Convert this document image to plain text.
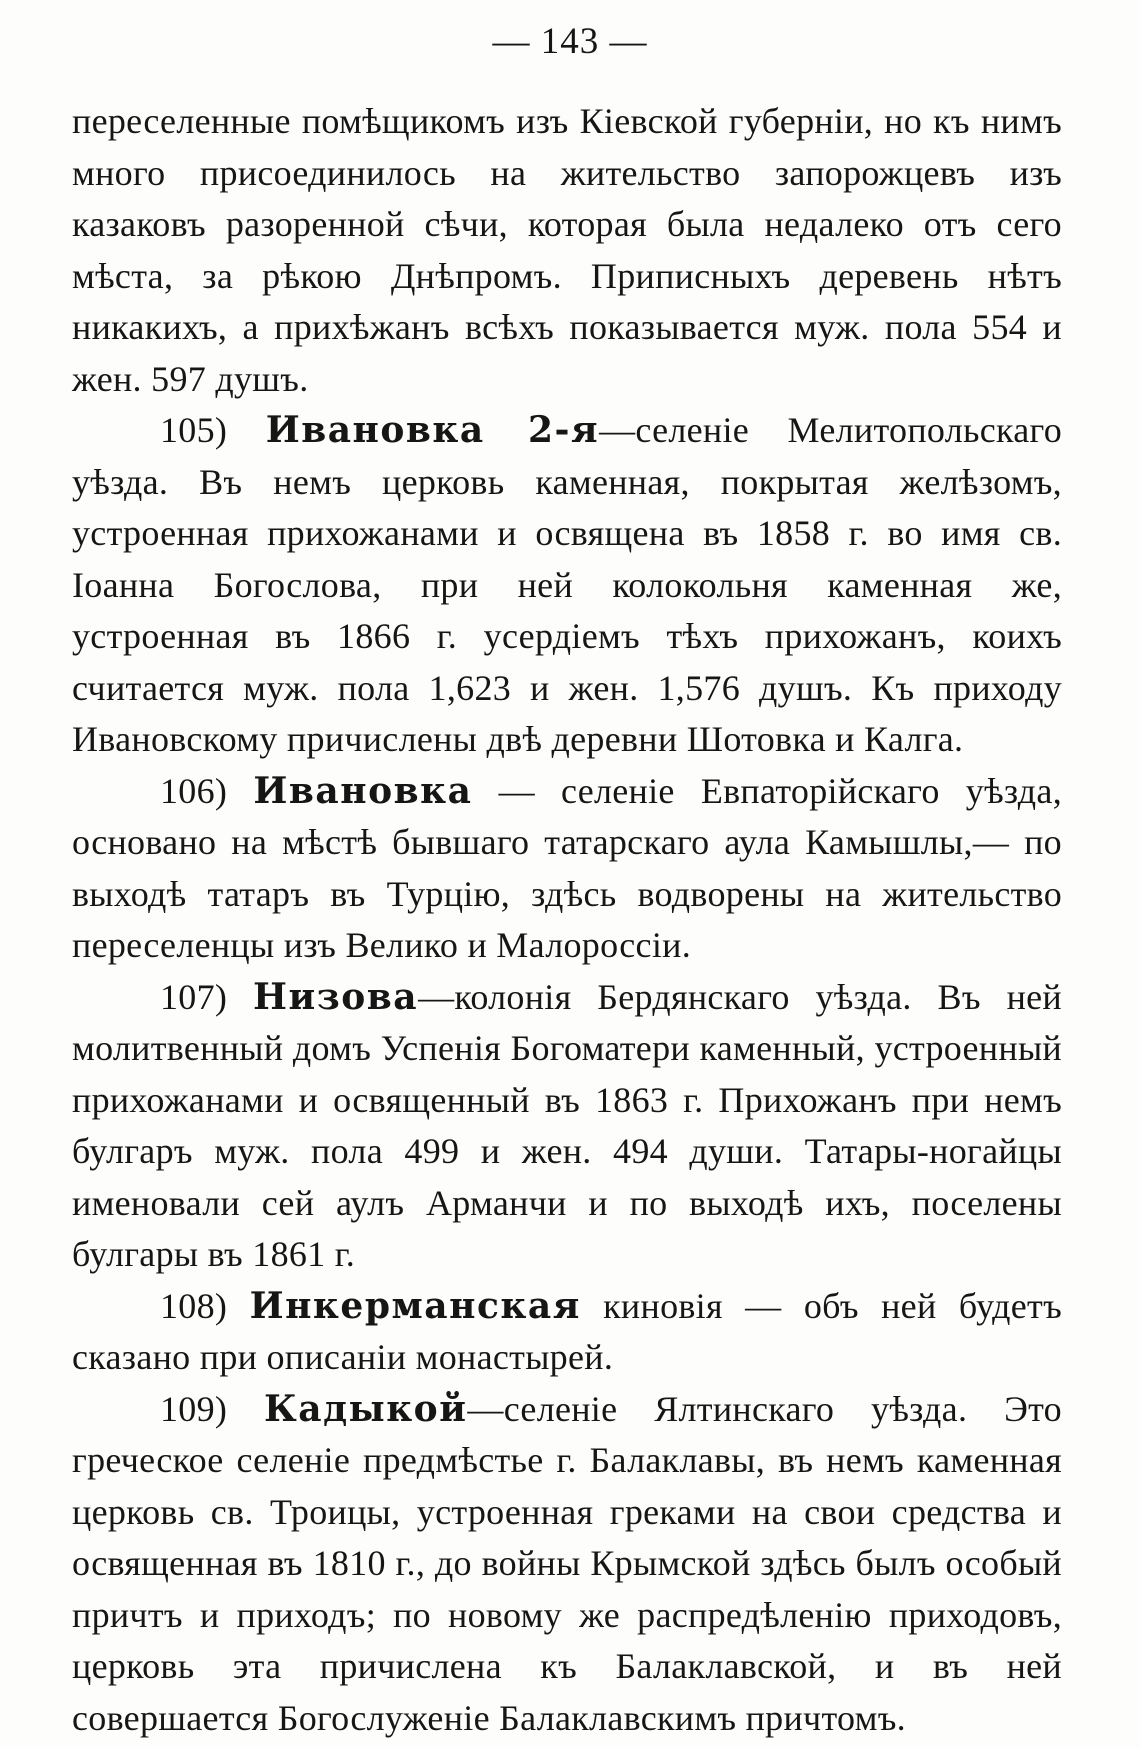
— 143 —

переселенные помѣщикомъ изъ Кіевской губерніи, но къ нимъ много присоединилось на жительство запорожцевъ изъ казаковъ разоренной сѣчи, которая была недалеко отъ сего мѣста, за рѣкою Днѣпромъ. Приписныхъ деревень нѣтъ никакихъ, а прихѣжанъ всѣхъ показывается муж. пола 554 и жен. 597 душъ.

105) Ивановка 2-я—селеніе Мелитопольскаго уѣзда. Въ немъ церковь каменная, покрытая желѣзомъ, устроенная прихожанами и освящена въ 1858 г. во имя св. Іоанна Богослова, при ней колокольня каменная же, устроенная въ 1866 г. усердіемъ тѣхъ прихожанъ, коихъ считается муж. пола 1,623 и жен. 1,576 душъ. Къ приходу Ивановскому причислены двѣ деревни Шотовка и Калга.

106) Ивановка — селеніе Евпаторійскаго уѣзда, основано на мѣстѣ бывшаго татарскаго аула Камышлы,— по выходѣ татаръ въ Турцію, здѣсь водворены на жительство переселенцы изъ Велико и Малороссіи.

107) Низова—колонія Бердянскаго уѣзда. Въ ней молитвенный домъ Успенія Богоматери каменный, устроенный прихожанами и освященный въ 1863 г. Прихожанъ при немъ булгаръ муж. пола 499 и жен. 494 души. Татары-ногайцы именовали сей аулъ Арманчи и по выходѣ ихъ, поселены булгары въ 1861 г.

108) Инкерманская киновія — объ ней будетъ сказано при описаніи монастырей.

109) Кадыкой—селеніе Ялтинскаго уѣзда. Это греческое селеніе предмѣстье г. Балаклавы, въ немъ каменная церковь св. Троицы, устроенная греками на свои средства и освященная въ 1810 г., до войны Крымской здѣсь былъ особый причтъ и приходъ; по новому же распредѣленію приходовъ, церковь эта причислена къ Балаклавской, и въ ней совершается Богослуженіе Балаклавскимъ причтомъ.
